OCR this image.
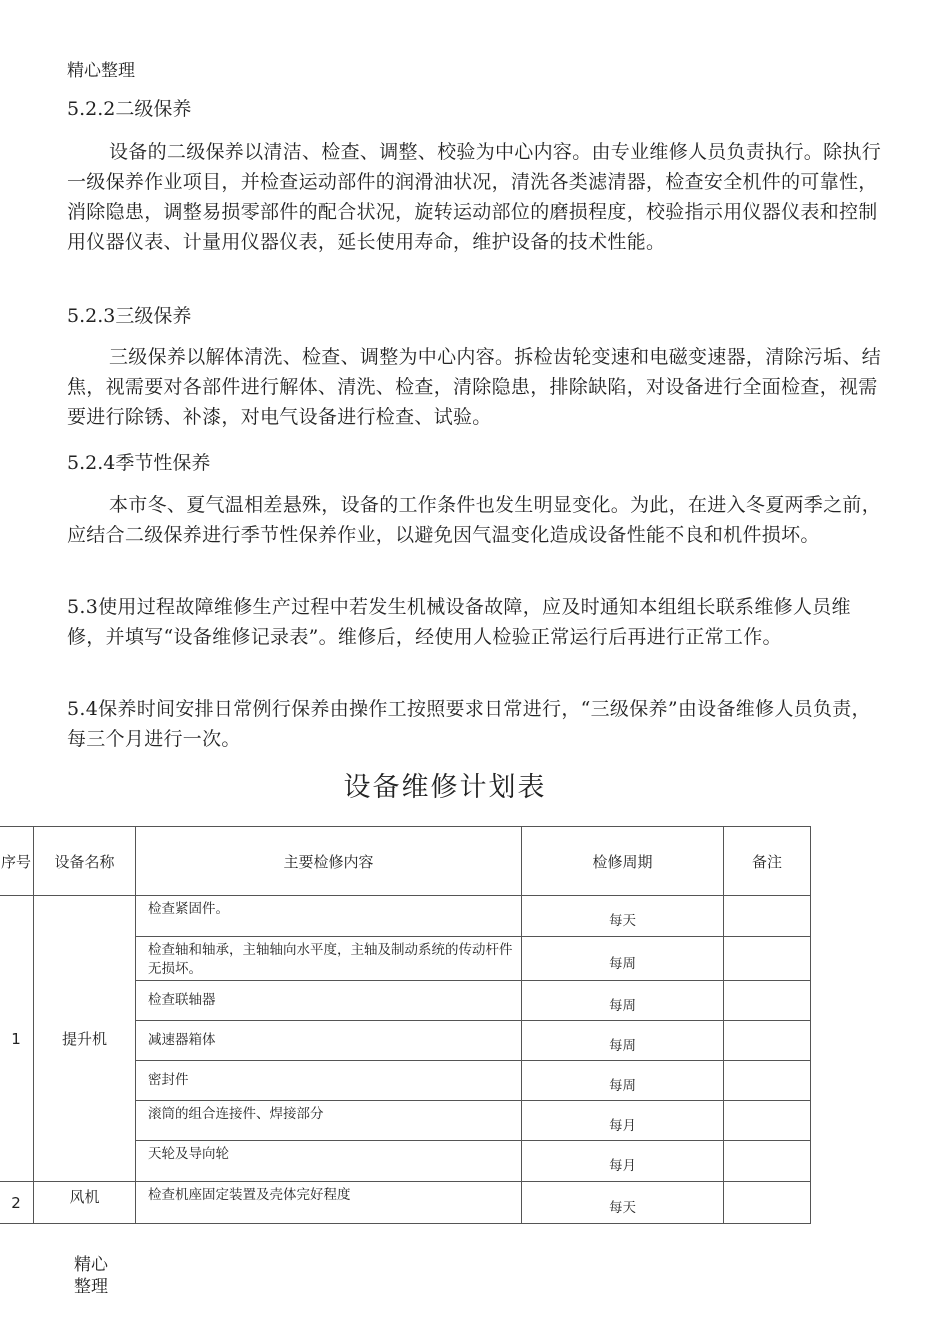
精心整理
5.2.2二级保养
设备的二级保养以清洁、检查、调整、校验为中心内容。由专业维修人员负责执行。除执行一级保养作业项目，并检查运动部件的润滑油状况，清洗各类滤清器，检查安全机件的可靠性，消除隐患，调整易损零部件的配合状况，旋转运动部位的磨损程度，校验指示用仪器仪表和控制用仪器仪表、计量用仪器仪表，延长使用寿命，维护设备的技术性能。
5.2.3三级保养
三级保养以解体清洗、检查、调整为中心内容。拆检齿轮变速和电磁变速器，清除污垢、结焦，视需要对各部件进行解体、清洗、检查，清除隐患，排除缺陷，对设备进行全面检查，视需要进行除锈、补漆，对电气设备进行检查、试验。
5.2.4季节性保养
本市冬、夏气温相差悬殊，设备的工作条件也发生明显变化。为此，在进入冬夏两季之前，应结合二级保养进行季节性保养作业，以避免因气温变化造成设备性能不良和机件损坏。
5.3使用过程故障维修生产过程中若发生机械设备故障，应及时通知本组组长联系维修人员维修，并填写“设备维修记录表”。维修后，经使用人检验正常运行后再进行正常工作。
5.4保养时间安排日常例行保养由操作工按照要求日常进行，“三级保养”由设备维修人员负责，每三个月进行一次。
设备维修计划表
序号	设备名称	主要检修内容	检修周期	备注
1	提升机	检查紧固件。	每天	
		检查轴和轴承，主轴轴向水平度，主轴及制动系统的传动杆件无损坏。	每周	
		检查联轴器	每周	
		减速器箱体	每周	
		密封件	每周	
		滚筒的组合连接件、焊接部分	每月	
		天轮及导向轮	每月	
2	风机	检查机座固定装置及壳体完好程度	每天	
精心整理
